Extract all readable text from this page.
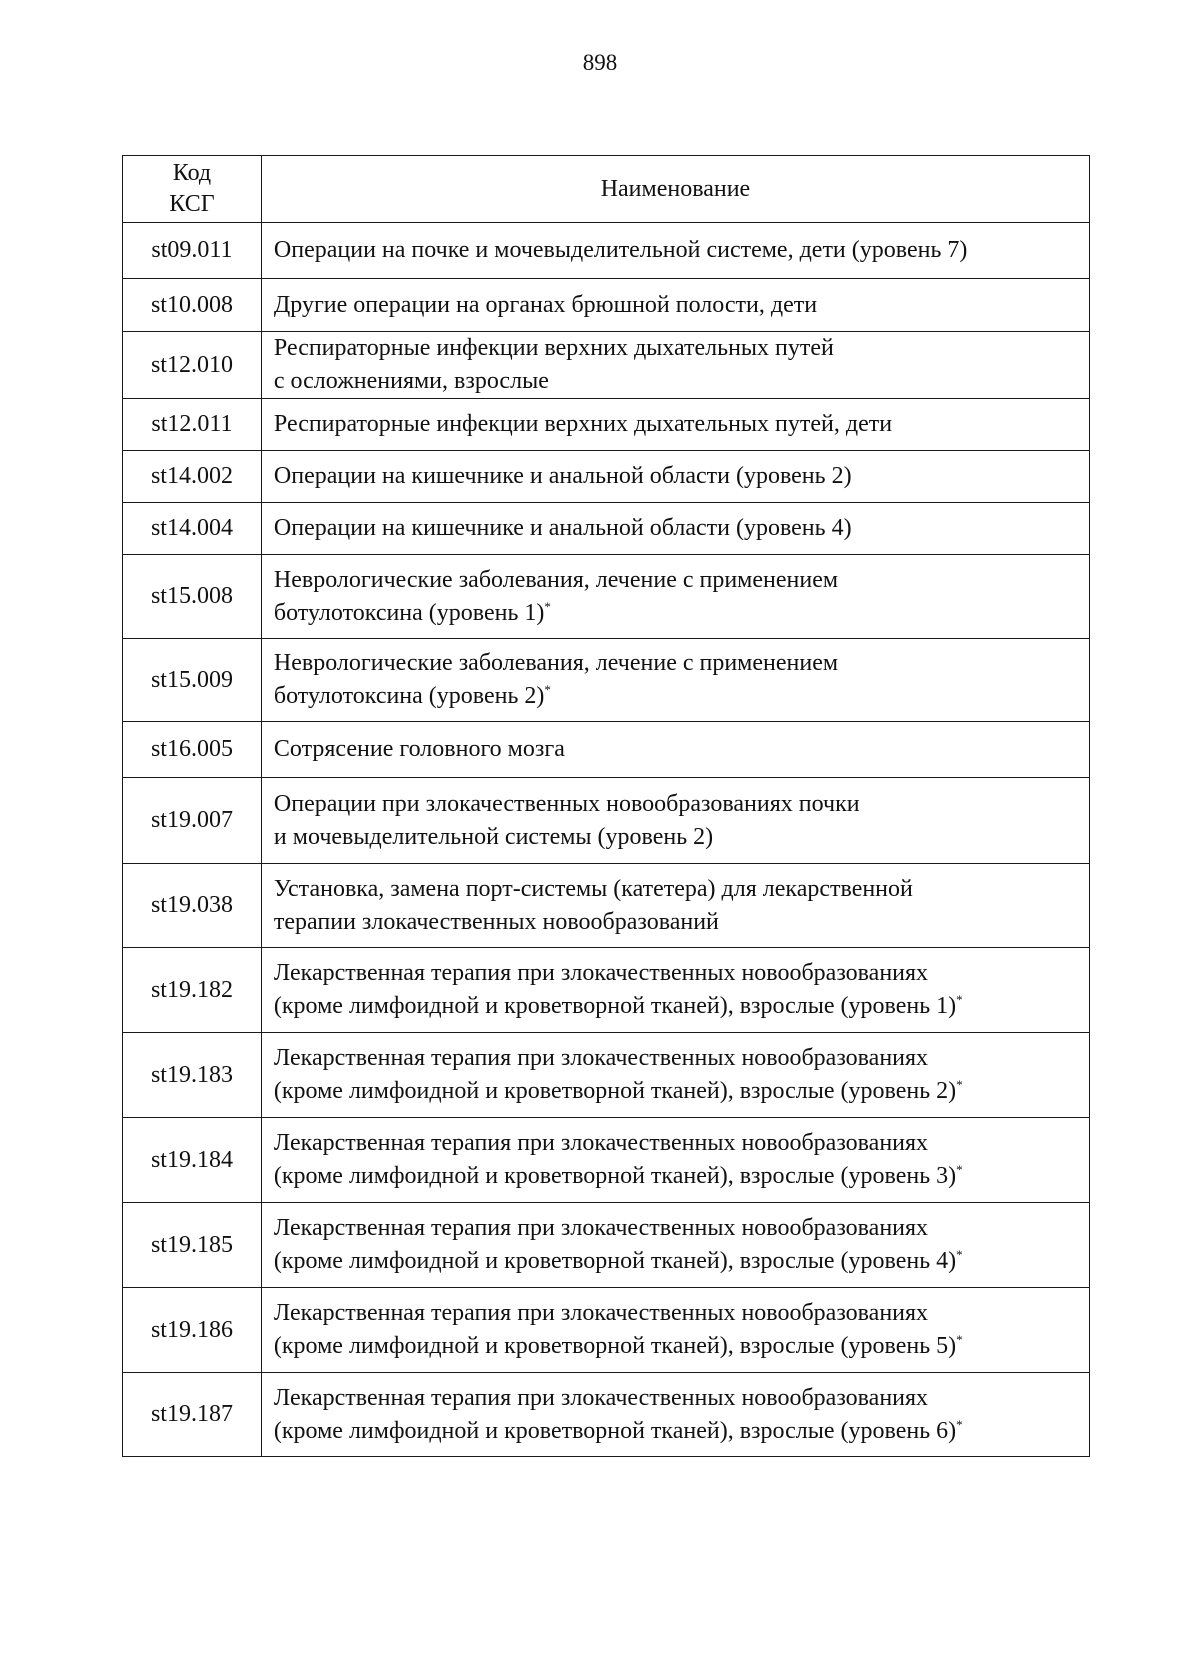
898
Код
КСГ	Наименование
st09.011	Операции на почке и мочевыделительной системе, дети (уровень 7)
st10.008	Другие операции на органах брюшной полости, дети
st12.010	Респираторные инфекции верхних дыхательных путей
с осложнениями, взрослые
st12.011	Респираторные инфекции верхних дыхательных путей, дети
st14.002	Операции на кишечнике и анальной области (уровень 2)
st14.004	Операции на кишечнике и анальной области (уровень 4)
st15.008	Неврологические заболевания, лечение с применением
ботулотоксина (уровень 1)*
st15.009	Неврологические заболевания, лечение с применением
ботулотоксина (уровень 2)*
st16.005	Сотрясение головного мозга
st19.007	Операции при злокачественных новообразованиях почки
и мочевыделительной системы (уровень 2)
st19.038	Установка, замена порт-системы (катетера) для лекарственной
терапии злокачественных новообразований
st19.182	Лекарственная терапия при злокачественных новообразованиях
(кроме лимфоидной и кроветворной тканей), взрослые (уровень 1)*
st19.183	Лекарственная терапия при злокачественных новообразованиях
(кроме лимфоидной и кроветворной тканей), взрослые (уровень 2)*
st19.184	Лекарственная терапия при злокачественных новообразованиях
(кроме лимфоидной и кроветворной тканей), взрослые (уровень 3)*
st19.185	Лекарственная терапия при злокачественных новообразованиях
(кроме лимфоидной и кроветворной тканей), взрослые (уровень 4)*
st19.186	Лекарственная терапия при злокачественных новообразованиях
(кроме лимфоидной и кроветворной тканей), взрослые (уровень 5)*
st19.187	Лекарственная терапия при злокачественных новообразованиях
(кроме лимфоидной и кроветворной тканей), взрослые (уровень 6)*
